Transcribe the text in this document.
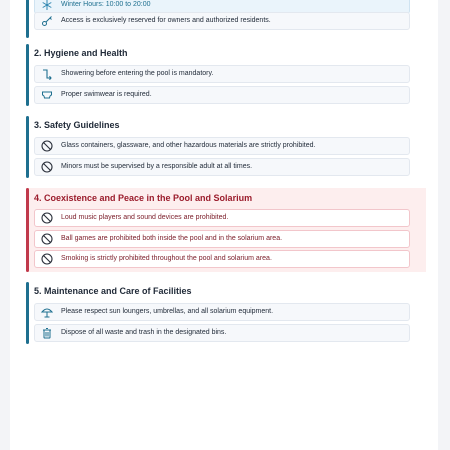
Winter Hours: 10:00 to 20:00
Access is exclusively reserved for owners and authorized residents.
2. Hygiene and Health
Showering before entering the pool is mandatory.
Proper swimwear is required.
3. Safety Guidelines
Glass containers, glassware, and other hazardous materials are strictly prohibited.
Minors must be supervised by a responsible adult at all times.
4. Coexistence and Peace in the Pool and Solarium
Loud music players and sound devices are prohibited.
Ball games are prohibited both inside the pool and in the solarium area.
Smoking is strictly prohibited throughout the pool and solarium area.
5. Maintenance and Care of Facilities
Please respect sun loungers, umbrellas, and all solarium equipment.
Dispose of all waste and trash in the designated bins.
